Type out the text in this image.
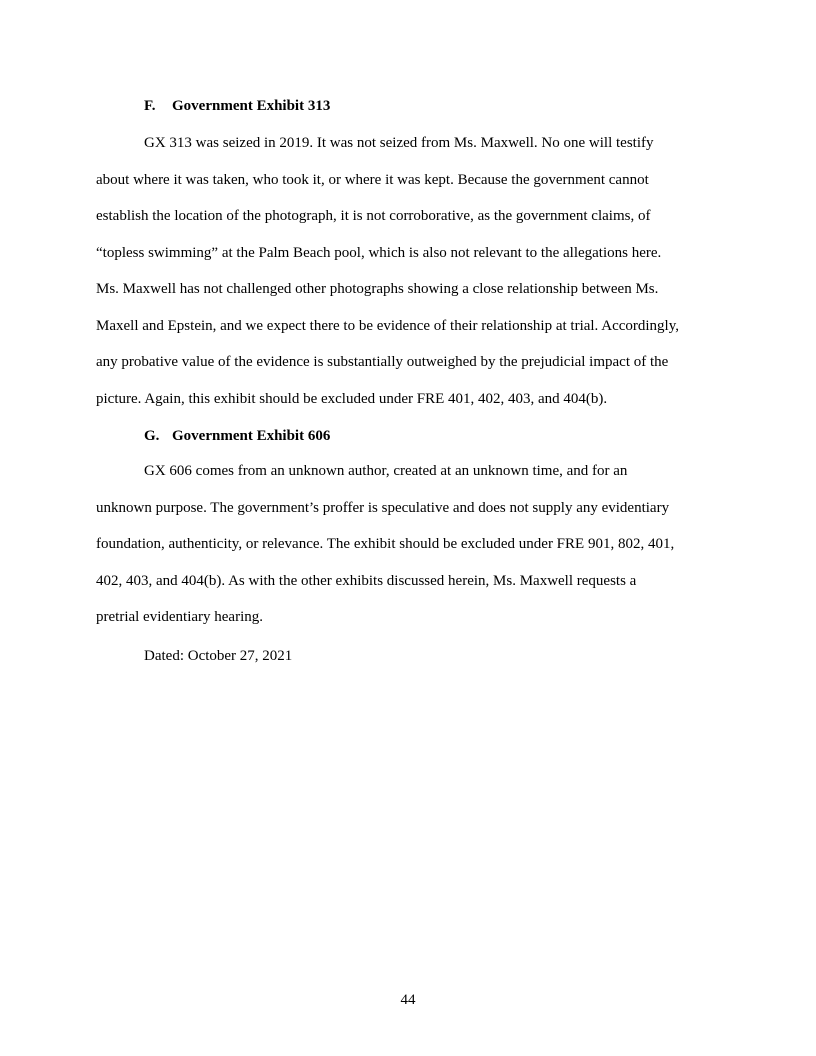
F. Government Exhibit 313
GX 313 was seized in 2019. It was not seized from Ms. Maxwell. No one will testify
about where it was taken, who took it, or where it was kept. Because the government cannot
establish the location of the photograph, it is not corroborative, as the government claims, of
“topless swimming” at the Palm Beach pool, which is also not relevant to the allegations here.
Ms. Maxwell has not challenged other photographs showing a close relationship between Ms.
Maxell and Epstein, and we expect there to be evidence of their relationship at trial. Accordingly,
any probative value of the evidence is substantially outweighed by the prejudicial impact of the
picture. Again, this exhibit should be excluded under FRE 401, 402, 403, and 404(b).
G. Government Exhibit 606
GX 606 comes from an unknown author, created at an unknown time, and for an
unknown purpose. The government’s proffer is speculative and does not supply any evidentiary
foundation, authenticity, or relevance. The exhibit should be excluded under FRE 901, 802, 401,
402, 403, and 404(b). As with the other exhibits discussed herein, Ms. Maxwell requests a
pretrial evidentiary hearing.
Dated: October 27, 2021
44
